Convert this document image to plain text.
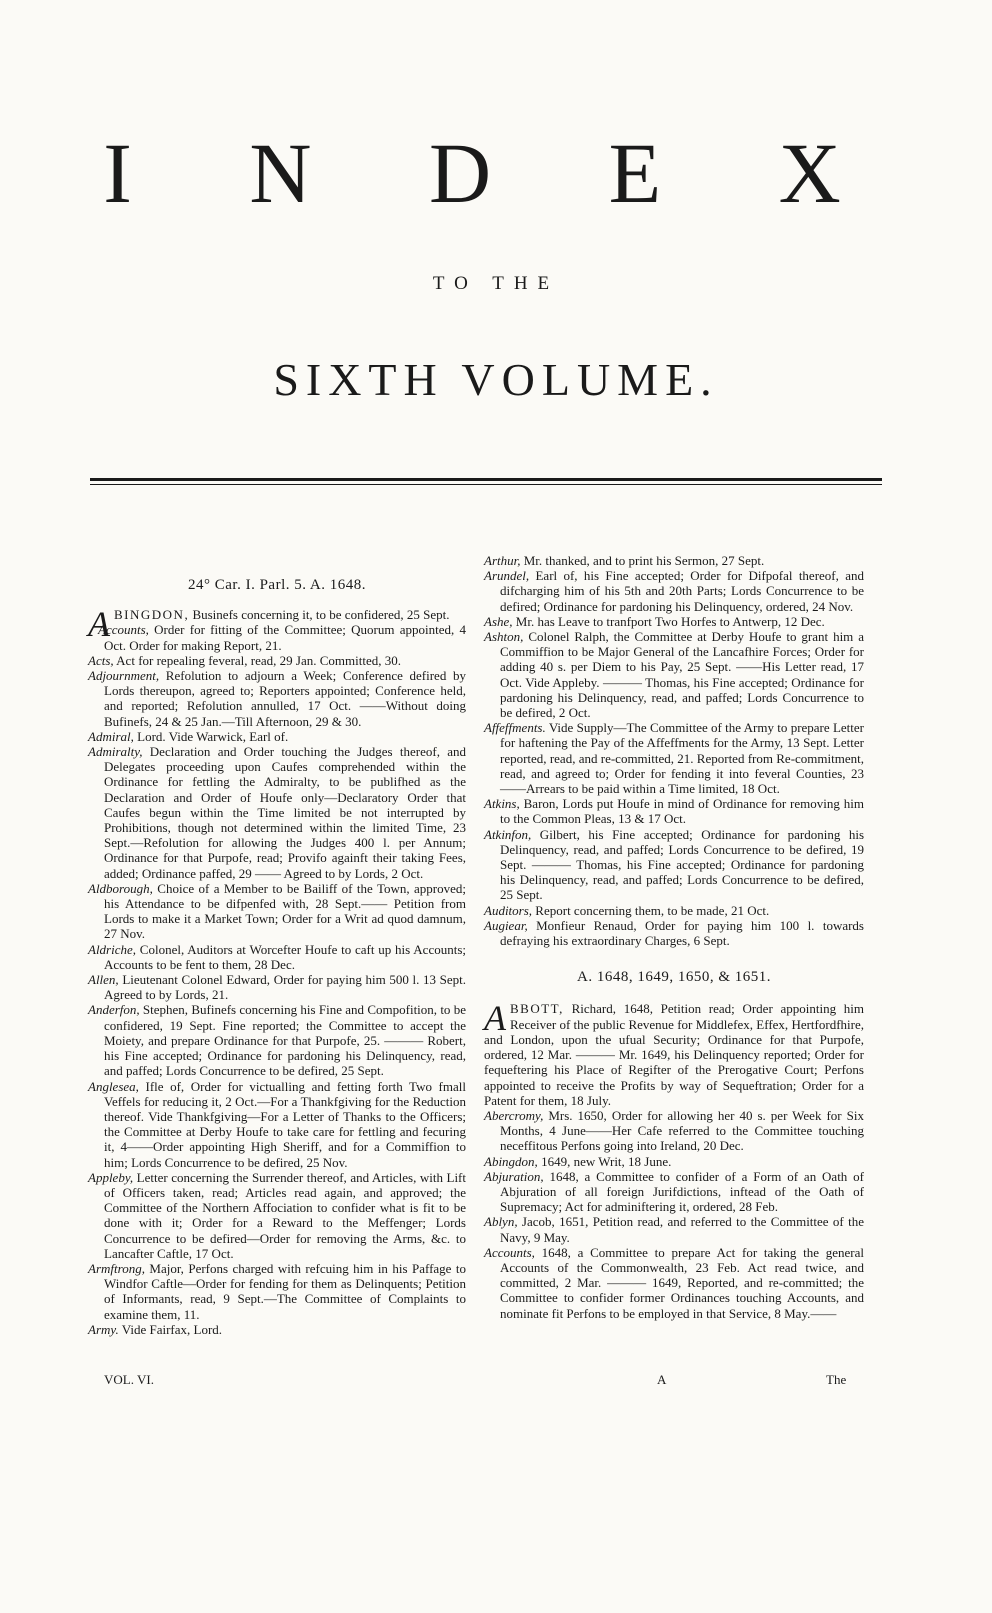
I N D E X
TO THE
SIXTH VOLUME.

24° Car. I. Parl. 5. A. 1648.

ABINGDON, Businefs concerning it, to be confidered, 25 Sept.

Accounts, Order for fitting of the Committee; Quorum appointed, 4 Oct. Order for making Report, 21.

Acts, Act for repealing feveral, read, 29 Jan. Committed, 30.

Adjournment, Refolution to adjourn a Week; Conference defired by Lords thereupon, agreed to; Reporters appointed; Conference held, and reported; Refolution annulled, 17 Oct. ——Without doing Bufinefs, 24 & 25 Jan.—Till Afternoon, 29 & 30.

Admiral, Lord. Vide Warwick, Earl of.

Admiralty, Declaration and Order touching the Judges thereof, and Delegates proceeding upon Caufes comprehended within the Ordinance for fettling the Admiralty, to be publifhed as the Declaration and Order of Houfe only—Declaratory Order that Caufes begun within the Time limited be not interrupted by Prohibitions, though not determined within the limited Time, 23 Sept.—Refolution for allowing the Judges 400 l. per Annum; Ordinance for that Purpofe, read; Provifo againft their taking Fees, added; Ordinance paffed, 29 —— Agreed to by Lords, 2 Oct.

Aldborough, Choice of a Member to be Bailiff of the Town, approved; his Attendance to be difpenfed with, 28 Sept.—— Petition from Lords to make it a Market Town; Order for a Writ ad quod damnum, 27 Nov.

Aldriche, Colonel, Auditors at Worcefter Houfe to caft up his Accounts; Accounts to be fent to them, 28 Dec.

Allen, Lieutenant Colonel Edward, Order for paying him 500 l. 13 Sept. Agreed to by Lords, 21.

Anderfon, Stephen, Bufinefs concerning his Fine and Compofition, to be confidered, 19 Sept. Fine reported; the Committee to accept the Moiety, and prepare Ordinance for that Purpofe, 25. ——— Robert, his Fine accepted; Ordinance for pardoning his Delinquency, read, and paffed; Lords Concurrence to be defired, 25 Sept.

Anglesea, Ifle of, Order for victualling and fetting forth Two fmall Veffels for reducing it, 2 Oct.—For a Thankfgiving for the Reduction thereof. Vide Thankfgiving—For a Letter of Thanks to the Officers; the Committee at Derby Houfe to take care for fettling and fecuring it, 4——Order appointing High Sheriff, and for a Commiffion to him; Lords Concurrence to be defired, 25 Nov.

Appleby, Letter concerning the Surrender thereof, and Articles, with Lift of Officers taken, read; Articles read again, and approved; the Committee of the Northern Affociation to confider what is fit to be done with it; Order for a Reward to the Meffenger; Lords Concurrence to be defired—Order for removing the Arms, &c. to Lancafter Caftle, 17 Oct.

Armftrong, Major, Perfons charged with refcuing him in his Paffage to Windfor Caftle—Order for fending for them as Delinquents; Petition of Informants, read, 9 Sept.—The Committee of Complaints to examine them, 11.

Army. Vide Fairfax, Lord.

Arthur, Mr. thanked, and to print his Sermon, 27 Sept.

Arundel, Earl of, his Fine accepted; Order for Difpofal thereof, and difcharging him of his 5th and 20th Parts; Lords Concurrence to be defired; Ordinance for pardoning his Delinquency, ordered, 24 Nov.

Ashe, Mr. has Leave to tranfport Two Horfes to Antwerp, 12 Dec.

Ashton, Colonel Ralph, the Committee at Derby Houfe to grant him a Commiffion to be Major General of the Lancafhire Forces; Order for adding 40 s. per Diem to his Pay, 25 Sept. ——His Letter read, 17 Oct. Vide Appleby. ——— Thomas, his Fine accepted; Ordinance for pardoning his Delinquency, read, and paffed; Lords Concurrence to be defired, 2 Oct.

Affeffments. Vide Supply—The Committee of the Army to prepare Letter for haftening the Pay of the Affeffments for the Army, 13 Sept. Letter reported, read, and re-committed, 21. Reported from Re-commitment, read, and agreed to; Order for fending it into feveral Counties, 23——Arrears to be paid within a Time limited, 18 Oct.

Atkins, Baron, Lords put Houfe in mind of Ordinance for removing him to the Common Pleas, 13 & 17 Oct.

Atkinfon, Gilbert, his Fine accepted; Ordinance for pardoning his Delinquency, read, and paffed; Lords Concurrence to be defired, 19 Sept. ——— Thomas, his Fine accepted; Ordinance for pardoning his Delinquency, read, and paffed; Lords Concurrence to be defired, 25 Sept.

Auditors, Report concerning them, to be made, 21 Oct.

Augiear, Monfieur Renaud, Order for paying him 100 l. towards defraying his extraordinary Charges, 6 Sept.

A. 1648, 1649, 1650, & 1651.

ABBOTT, Richard, 1648, Petition read; Order appointing him Receiver of the public Revenue for Middlefex, Effex, Hertfordfhire, and London, upon the ufual Security; Ordinance for that Purpofe, ordered, 12 Mar. ——— Mr. 1649, his Delinquency reported; Order for fequeftering his Place of Regifter of the Prerogative Court; Perfons appointed to receive the Profits by way of Sequeftration; Order for a Patent for them, 18 July.

Abercromy, Mrs. 1650, Order for allowing her 40 s. per Week for Six Months, 4 June——Her Cafe referred to the Committee touching neceffitous Perfons going into Ireland, 20 Dec.

Abingdon, 1649, new Writ, 18 June.

Abjuration, 1648, a Committee to confider of a Form of an Oath of Abjuration of all foreign Jurifdictions, inftead of the Oath of Supremacy; Act for adminiftering it, ordered, 28 Feb.

Ablyn, Jacob, 1651, Petition read, and referred to the Committee of the Navy, 9 May.

Accounts, 1648, a Committee to prepare Act for taking the general Accounts of the Commonwealth, 23 Feb. Act read twice, and committed, 2 Mar. ——— 1649, Reported, and re-committed; the Committee to confider former Ordinances touching Accounts, and nominate fit Perfons to be employed in that Service, 8 May.——

VOL. VI.	A	The
